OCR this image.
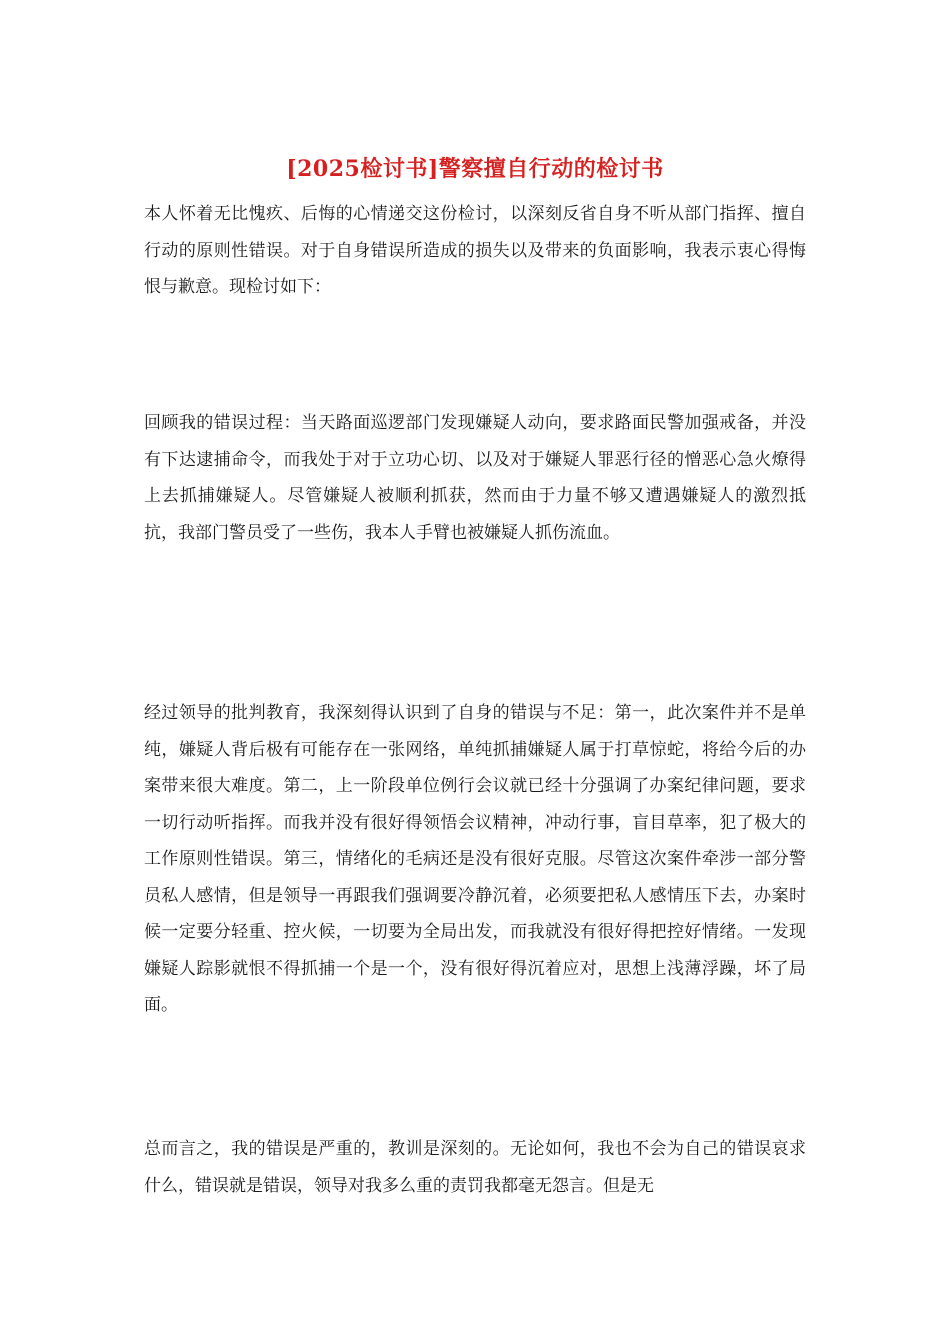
[2025检讨书]警察擅自行动的检讨书

本人怀着无比愧疚、后悔的心情递交这份检讨，以深刻反省自身不听从部门指挥、擅自行动的原则性错误。对于自身错误所造成的损失以及带来的负面影响，我表示衷心得悔恨与歉意。现检讨如下：

回顾我的错误过程：当天路面巡逻部门发现嫌疑人动向，要求路面民警加强戒备，并没有下达逮捕命令，而我处于对于立功心切、以及对于嫌疑人罪恶行径的憎恶心急火燎得上去抓捕嫌疑人。尽管嫌疑人被顺利抓获，然而由于力量不够又遭遇嫌疑人的激烈抵抗，我部门警员受了一些伤，我本人手臂也被嫌疑人抓伤流血。

经过领导的批判教育，我深刻得认识到了自身的错误与不足：第一，此次案件并不是单纯，嫌疑人背后极有可能存在一张网络，单纯抓捕嫌疑人属于打草惊蛇，将给今后的办案带来很大难度。第二，上一阶段单位例行会议就已经十分强调了办案纪律问题，要求一切行动听指挥。而我并没有很好得领悟会议精神，冲动行事，盲目草率，犯了极大的工作原则性错误。第三，情绪化的毛病还是没有很好克服。尽管这次案件牵涉一部分警员私人感情，但是领导一再跟我们强调要冷静沉着，必须要把私人感情压下去，办案时候一定要分轻重、控火候，一切要为全局出发，而我就没有很好得把控好情绪。一发现嫌疑人踪影就恨不得抓捕一个是一个，没有很好得沉着应对，思想上浅薄浮躁，坏了局面。

总而言之，我的错误是严重的，教训是深刻的。无论如何，我也不会为自己的错误哀求什么，错误就是错误，领导对我多么重的责罚我都毫无怨言。但是无
